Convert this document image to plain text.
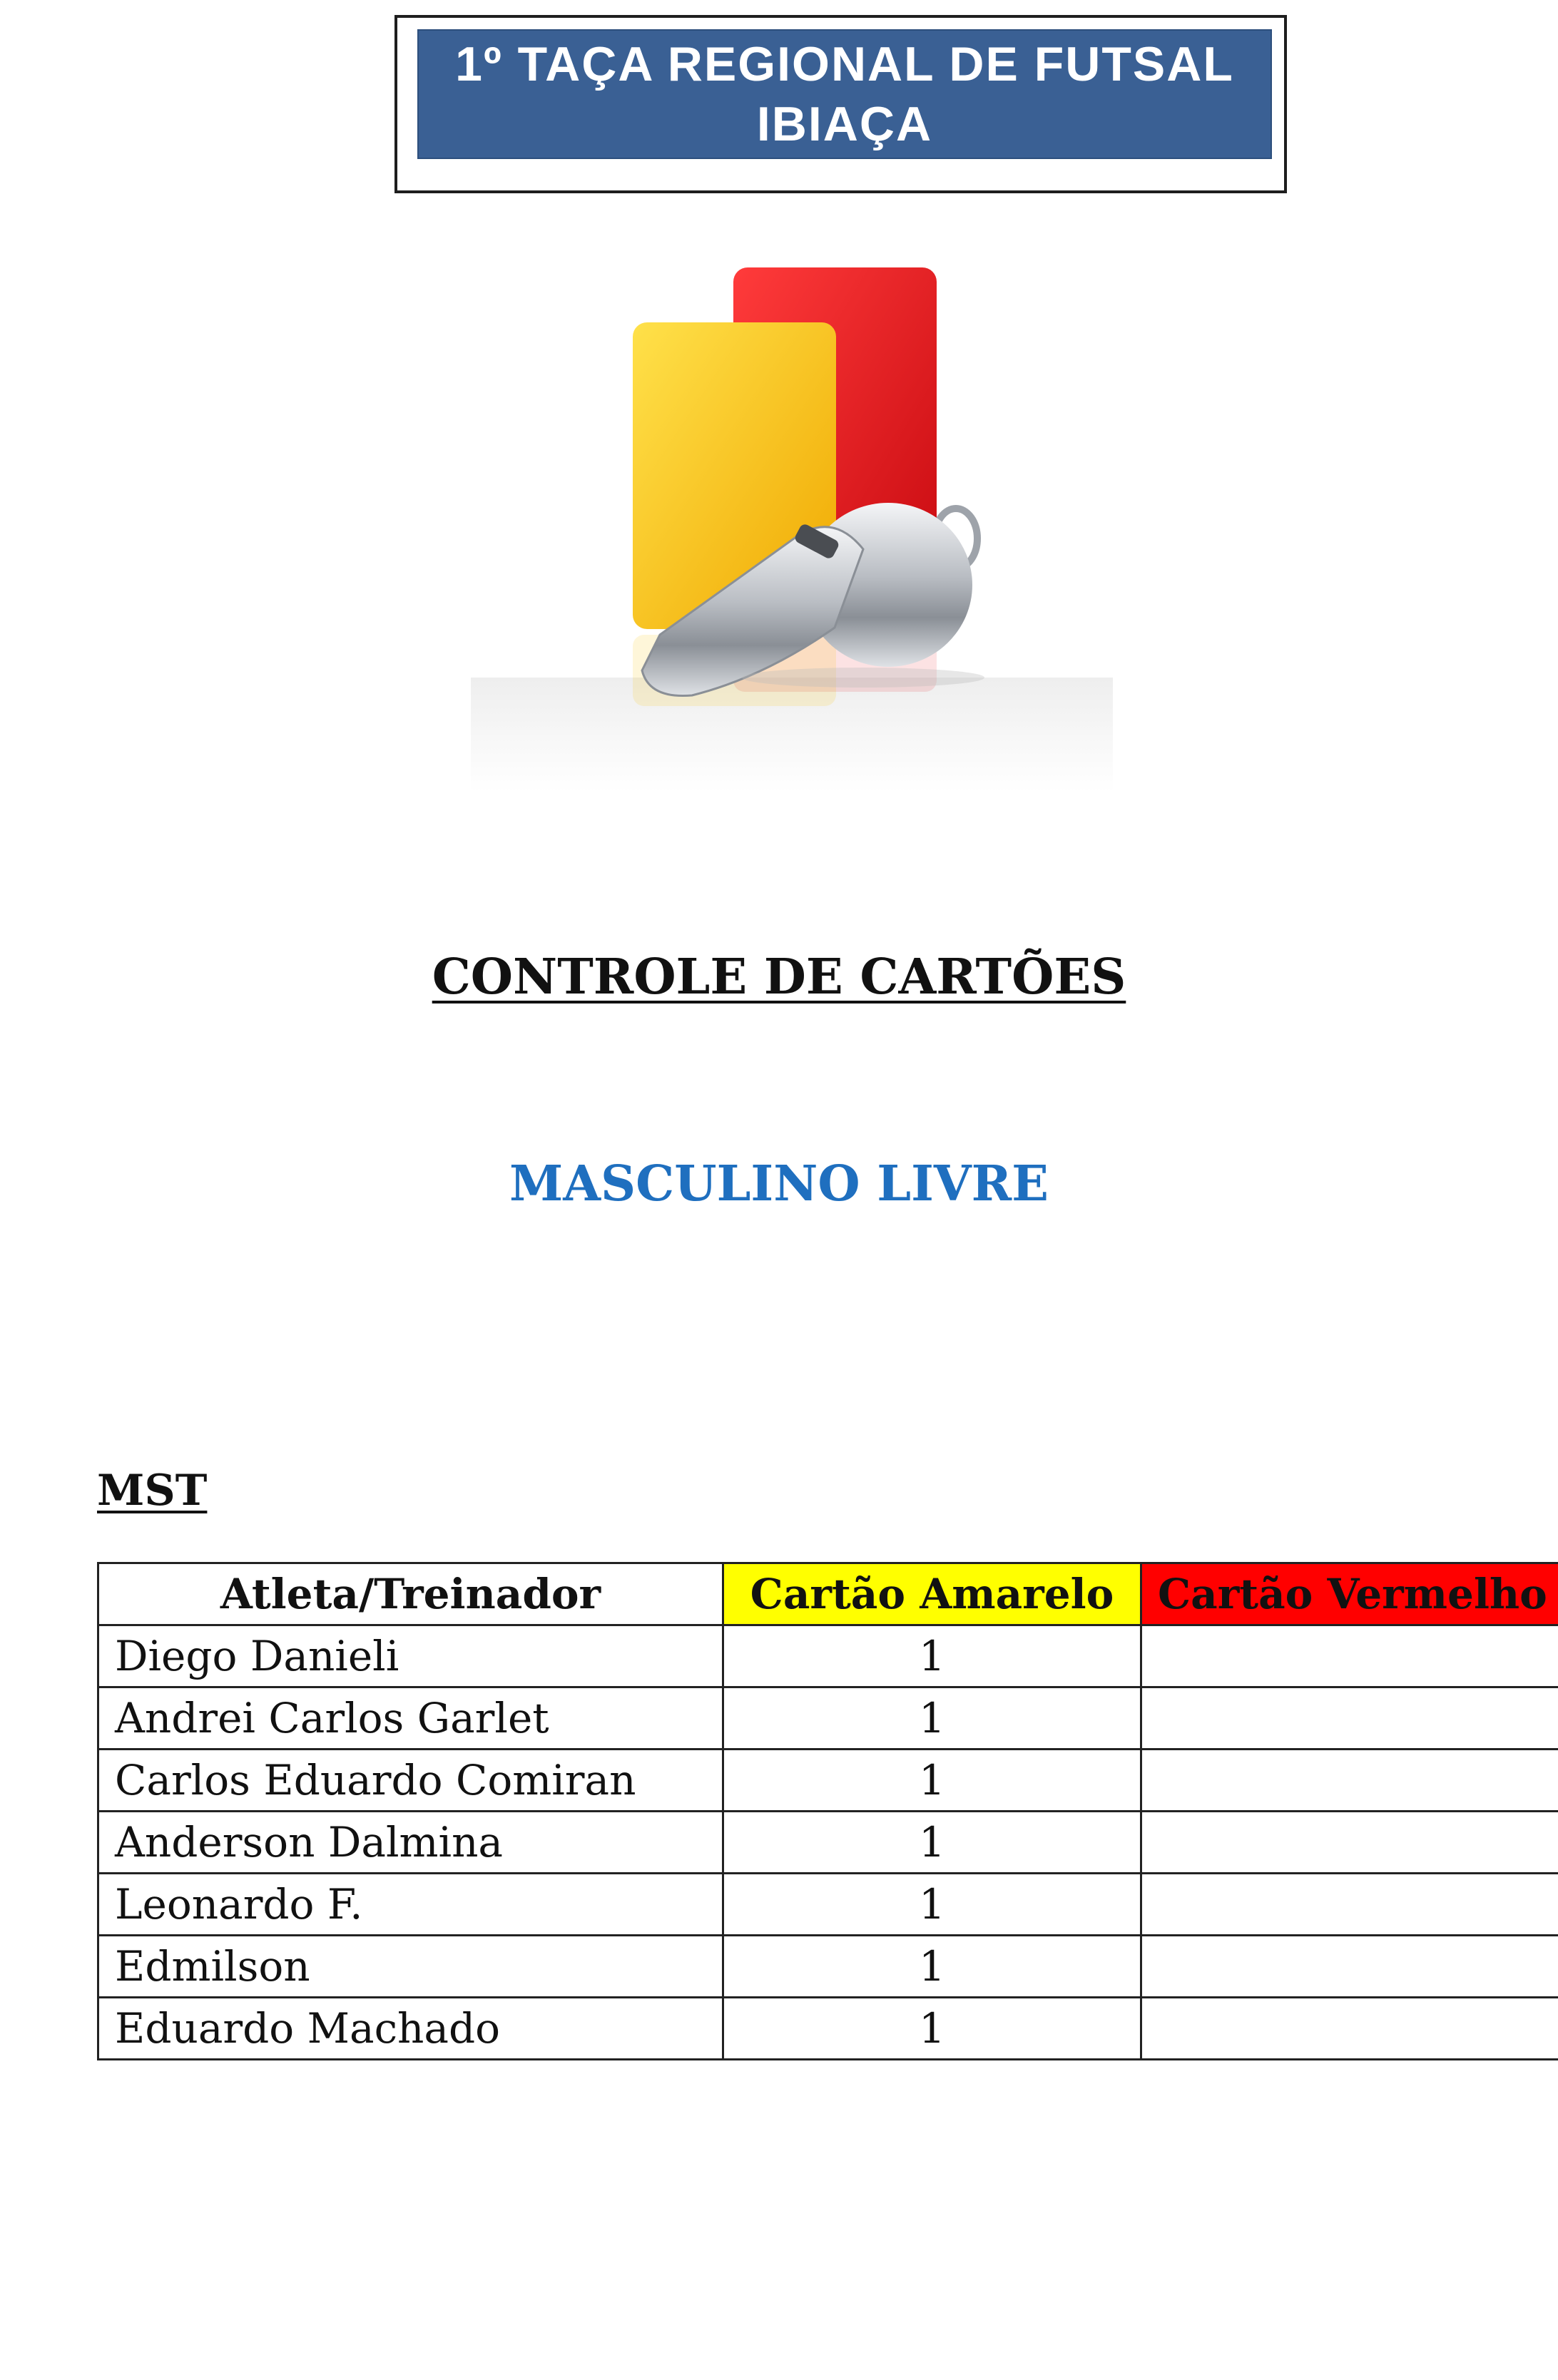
1º TAÇA REGIONAL DE FUTSAL
IBIAÇA
CONTROLE DE CARTÕES
MASCULINO LIVRE
MST
Atleta/Treinador	Cartão Amarelo	Cartão Vermelho
Diego Danieli	1	
Andrei Carlos Garlet	1	
Carlos Eduardo Comiran	1	
Anderson Dalmina	1	
Leonardo F.	1	
Edmilson	1	
Eduardo Machado	1	
